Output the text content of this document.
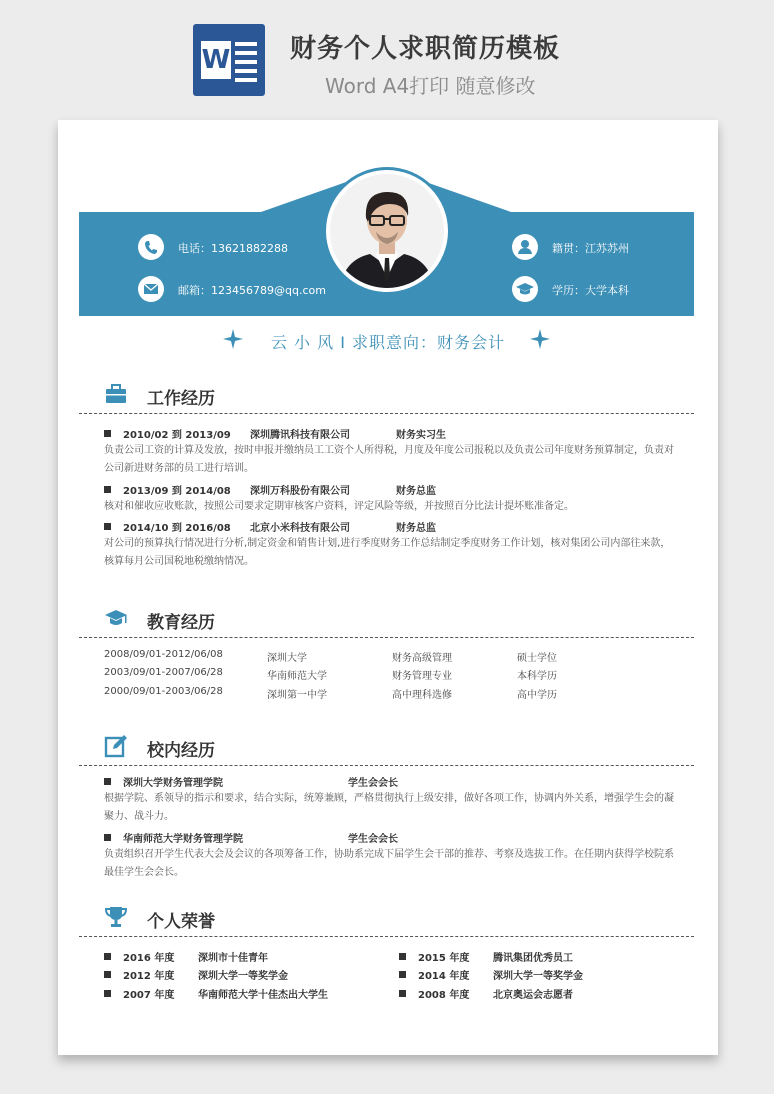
W 财务个人求职简历模板
Word A4打印 随意修改
电话：13621882288
邮箱：123456789@qq.com
籍贯：江苏苏州
学历：大学本科
云 小 风 I 求职意向：财务会计
工作经历
2010/02 到 2013/09 深圳腾讯科技有限公司	财务实习生
负责公司工资的计算及发放，按时申报并缴纳员工工资个人所得税，月度及年度公司报税以及负责公司年度财务预算制定，负责对公司新进财务部的员工进行培训。
2013/09 到 2014/08 深圳万科股份有限公司	财务总监
核对和催收应收账款，按照公司要求定期审核客户资料，评定风险等级，并按照百分比法计提坏账准备定。
2014/10 到 2016/08 北京小米科技有限公司	财务总监
对公司的预算执行情况进行分析,制定资金和销售计划,进行季度财务工作总结制定季度财务工作计划，核对集团公司内部往来款，核算每月公司国税地税缴纳情况。
教育经历
2008/09/01-2012/06/08	深圳大学	财务高级管理	硕士学位
2003/09/01-2007/06/28	华南师范大学	财务管理专业	本科学历
2000/09/01-2003/06/28	深圳第一中学	高中理科选修	高中学历
校内经历
深圳大学财务管理学院	学生会会长
根据学院、系领导的指示和要求，结合实际，统筹兼顾，严格贯彻执行上级安排，做好各项工作，协调内外关系，增强学生会的凝聚力、战斗力。
华南师范大学财务管理学院	学生会会长
负责组织召开学生代表大会及会议的各项筹备工作，协助系完成下届学生会干部的推荐、考察及选拔工作。在任期内获得学校院系最佳学生会会长。
个人荣誉
2016 年度 深圳市十佳青年
2012 年度 深圳大学一等奖学金
2007 年度 华南师范大学十佳杰出大学生
2015 年度 腾讯集团优秀员工
2014 年度 深圳大学一等奖学金
2008 年度 北京奥运会志愿者
